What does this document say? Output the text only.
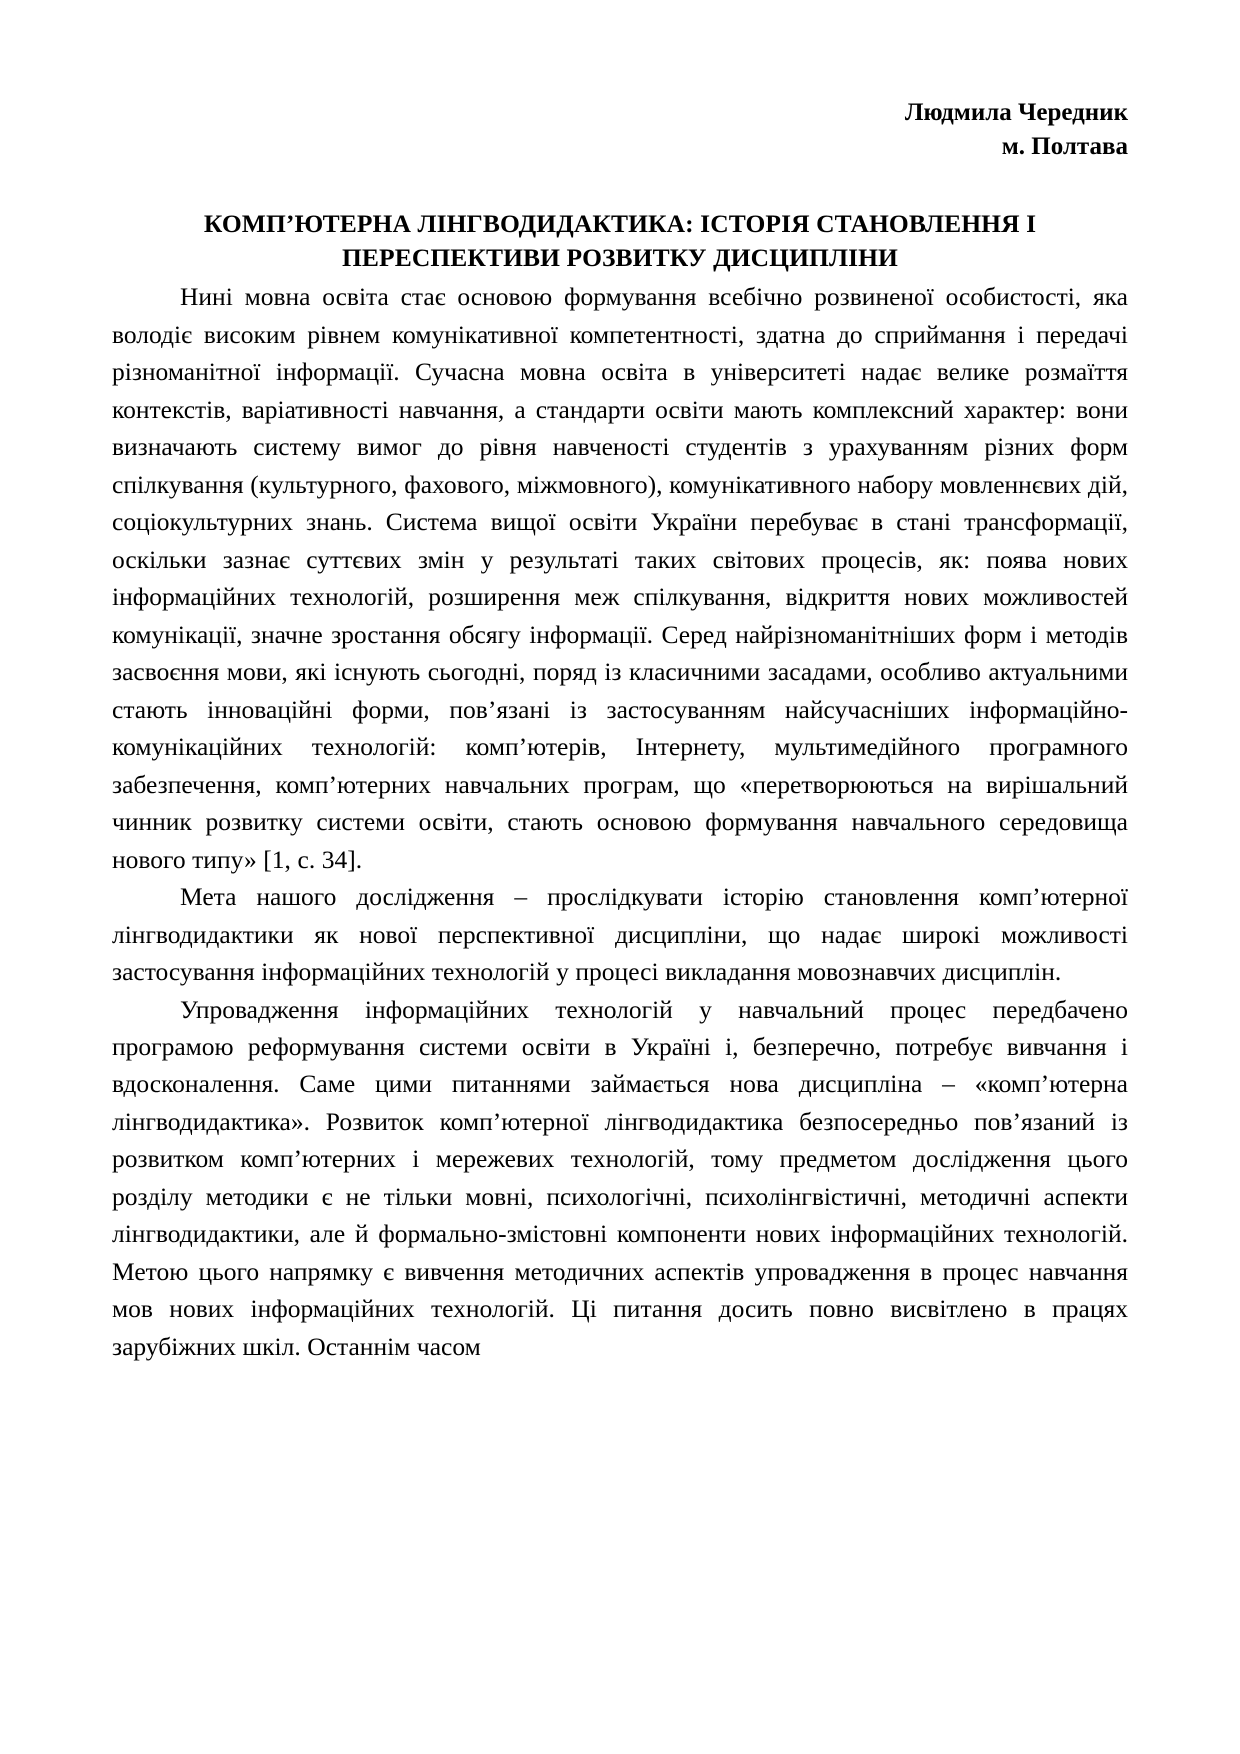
Людмила Чередник
м. Полтава
КОМП’ЮТЕРНА ЛІНГВОДИДАКТИКА: ІСТОРІЯ СТАНОВЛЕННЯ І
ПЕРЕСПЕКТИВИ РОЗВИТКУ ДИСЦИПЛІНИ

Нині мовна освіта стає основою формування всебічно розвиненої особистості, яка володіє високим рівнем комунікативної компетентності, здатна до сприймання і передачі різноманітної інформації. Сучасна мовна освіта в університеті надає велике розмаїття контекстів, варіативності навчання, а стандарти освіти мають комплексний характер: вони визначають систему вимог до рівня навченості студентів з урахуванням різних форм спілкування (культурного, фахового, міжмовного), комунікативного набору мовленнєвих дій, соціокультурних знань. Система вищої освіти України перебуває в стані трансформації, оскільки зазнає суттєвих змін у результаті таких світових процесів, як: поява нових інформаційних технологій, розширення меж спілкування, відкриття нових можливостей комунікації, значне зростання обсягу інформації. Серед найрізноманітніших форм і методів засвоєння мови, які існують сьогодні, поряд із класичними засадами, особливо актуальними стають інноваційні форми, пов’язані із застосуванням найсучасніших інформаційно-комунікаційних технологій: комп’ютерів, Інтернету, мультимедійного програмного забезпечення, комп’ютерних навчальних програм, що «перетворюються на вирішальний чинник розвитку системи освіти, стають основою формування навчального середовища нового типу» [1, с. 34].

Мета нашого дослідження – прослідкувати історію становлення комп’ютерної лінгводидактики як нової перспективної дисципліни, що надає широкі можливості застосування інформаційних технологій у процесі викладання мовознавчих дисциплін.

Упровадження інформаційних технологій у навчальний процес передбачено програмою реформування системи освіти в Україні і, безперечно, потребує вивчання і вдосконалення. Саме цими питаннями займається нова дисципліна – «комп’ютерна лінгводидактика». Розвиток комп’ютерної лінгводидактика безпосередньо пов’язаний із розвитком комп’ютерних і мережевих технологій, тому предметом дослідження цього розділу методики є не тільки мовні, психологічні, психолінгвістичні, методичні аспекти лінгводидактики, але й формально-змістовні компоненти нових інформаційних технологій. Метою цього напрямку є вивчення методичних аспектів упровадження в процес навчання мов нових інформаційних технологій. Ці питання досить повно висвітлено в працях зарубіжних шкіл. Останнім часом
